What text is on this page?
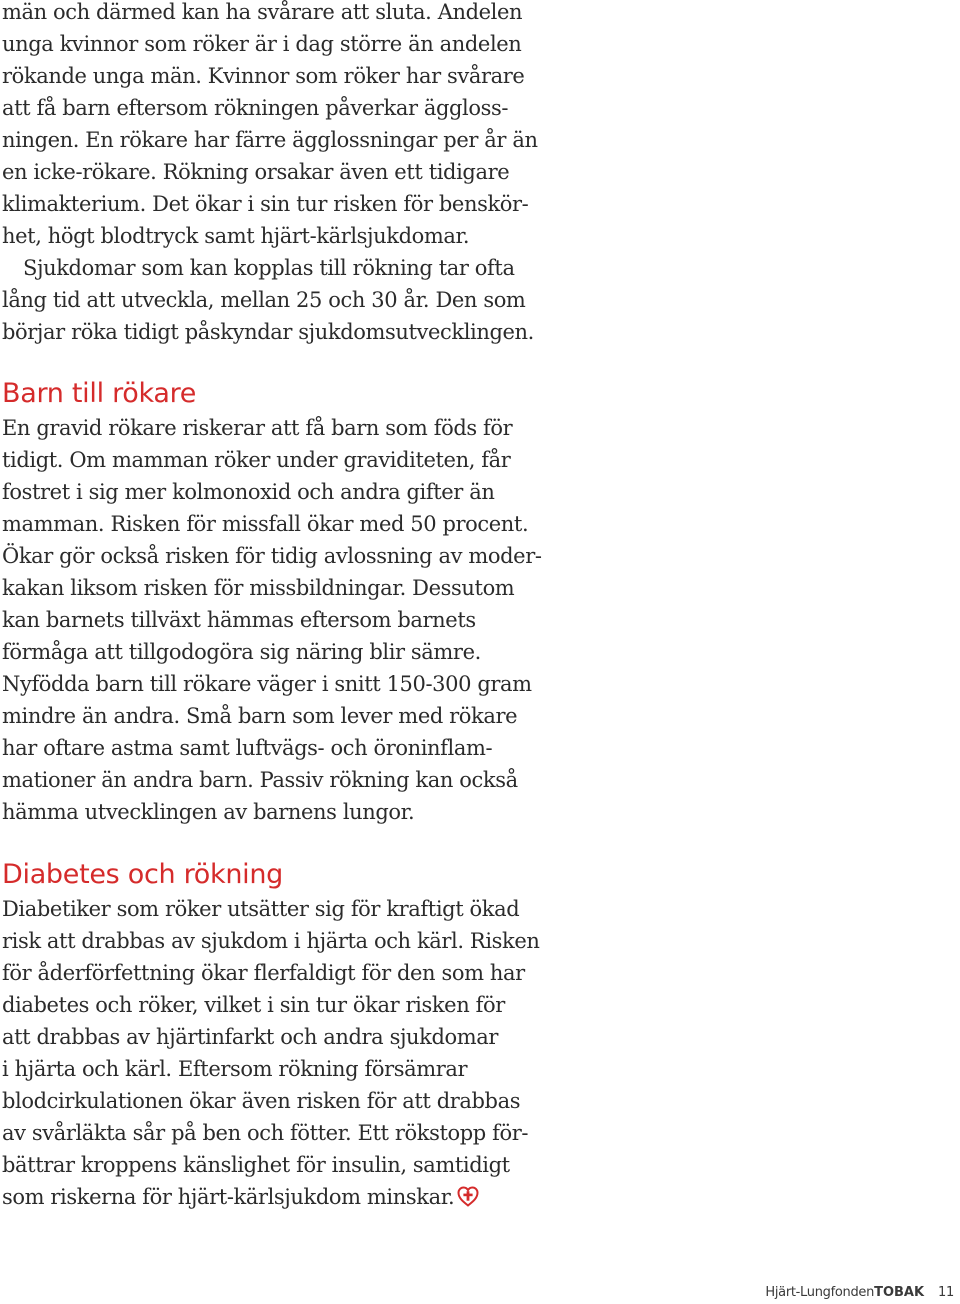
män och därmed kan ha svårare att sluta. Andelen
unga kvinnor som röker är i dag större än andelen
rökande unga män. Kvinnor som röker har svårare
att få barn eftersom rökningen påverkar äggloss-
ningen. En rökare har färre ägglossningar per år än
en icke-rökare. Rökning orsakar även ett tidigare
klimakterium. Det ökar i sin tur risken för benskör-
het, högt blodtryck samt hjärt-kärlsjukdomar.
Sjukdomar som kan kopplas till rökning tar ofta
lång tid att utveckla, mellan 25 och 30 år. Den som
börjar röka tidigt påskyndar sjukdomsutvecklingen.
Barn till rökare
En gravid rökare riskerar att få barn som föds för
tidigt. Om mamman röker under graviditeten, får
fostret i sig mer kolmonoxid och andra gifter än
mamman. Risken för missfall ökar med 50 procent.
Ökar gör också risken för tidig avlossning av moder-
kakan liksom risken för missbildningar. Dessutom
kan barnets tillväxt hämmas eftersom barnets
förmåga att tillgodogöra sig näring blir sämre.
Nyfödda barn till rökare väger i snitt 150-300 gram
mindre än andra. Små barn som lever med rökare
har oftare astma samt luftvägs- och öroninflam-
mationer än andra barn. Passiv rökning kan också
hämma utvecklingen av barnens lungor.
Diabetes och rökning
Diabetiker som röker utsätter sig för kraftigt ökad
risk att drabbas av sjukdom i hjärta och kärl. Risken
för åderförfettning ökar flerfaldigt för den som har
diabetes och röker, vilket i sin tur ökar risken för
att drabbas av hjärtinfarkt och andra sjukdomar
i hjärta och kärl. Eftersom rökning försämrar
blodcirkulationen ökar även risken för att drabbas
av svårläkta sår på ben och fötter. Ett rökstopp för-
bättrar kroppens känslighet för insulin, samtidigt
som riskerna för hjärt-kärlsjukdom minskar.
Hjärt-LungfondenTOBAK 11
